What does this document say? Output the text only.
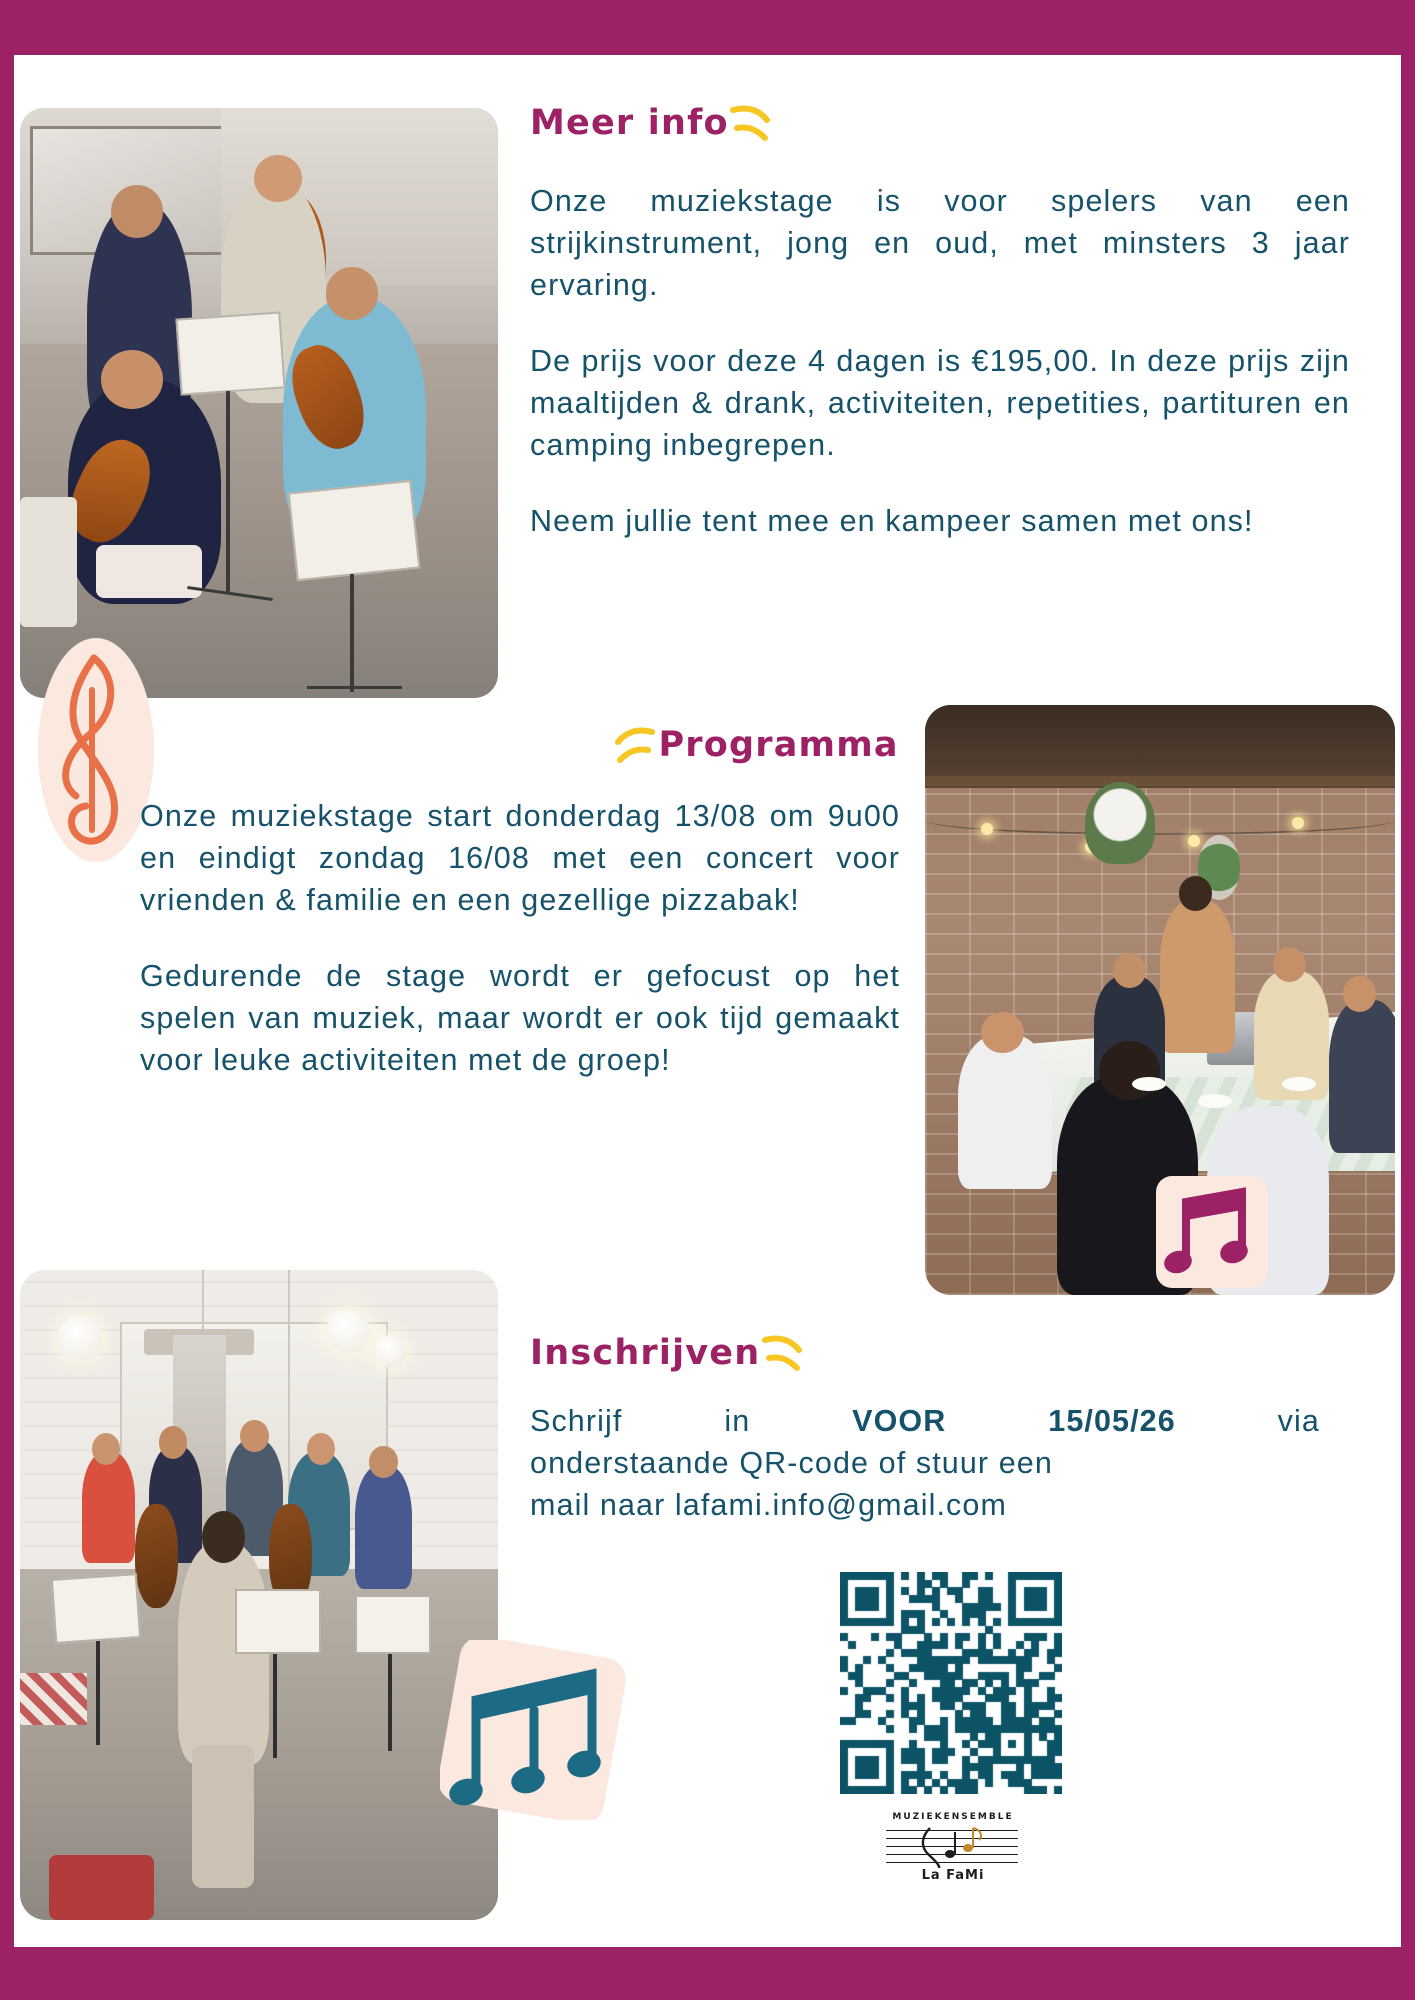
Meer info

Onze muziekstage is voor spelers van een strijkinstrument, jong en oud, met minsters 3 jaar ervaring.

De prijs voor deze 4 dagen is €195,00. In deze prijs zijn maaltijden & drank, activiteiten, repetities, partituren en camping inbegrepen.

Neem jullie tent mee en kampeer samen met ons!

Programma

Onze muziekstage start donderdag 13/08 om 9u00 en eindigt zondag 16/08 met een concert voor vrienden & familie en een gezellige pizzabak!

Gedurende de stage wordt er gefocust op het spelen van muziek, maar wordt er ook tijd gemaakt voor leuke activiteiten met de groep!

Inschrijven

Schrijf	in	VOOR	15/05/26	via

onderstaande QR-code of stuur een

mail naar lafami.info@gmail.com

MUZIEKENSEMBLE
La FaMi
